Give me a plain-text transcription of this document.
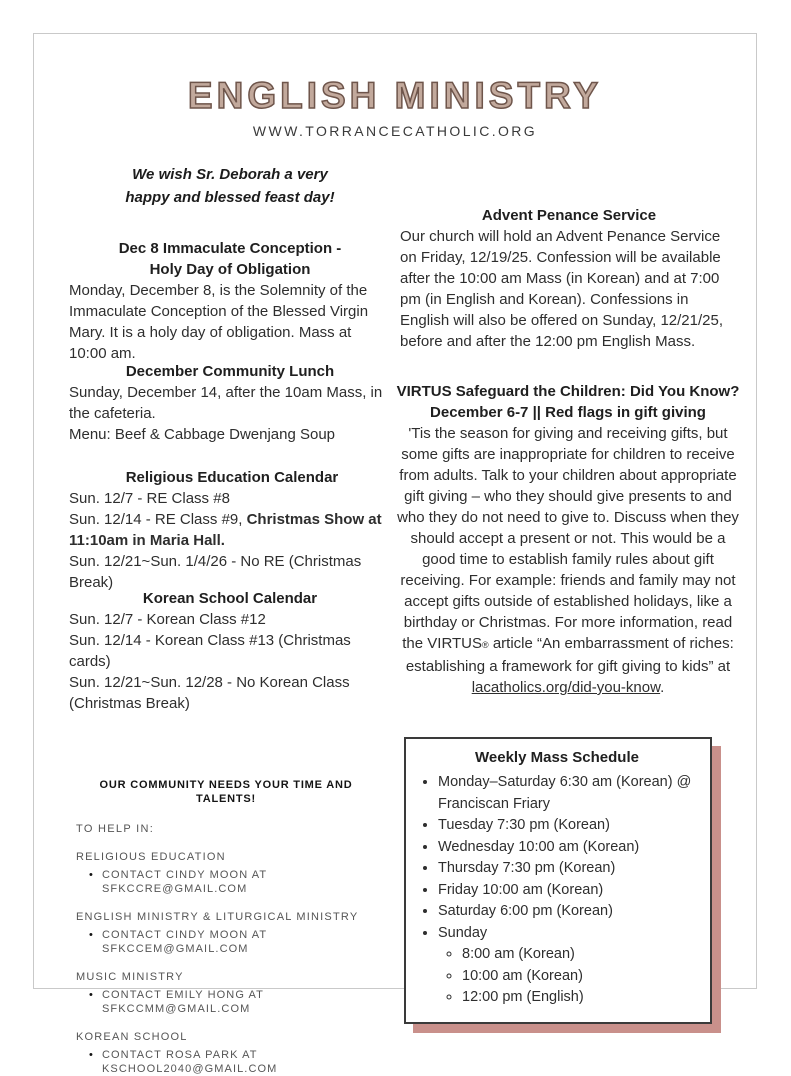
ENGLISH MINISTRY
WWW.TORRANCECATHOLIC.ORG
We wish Sr. Deborah a very
happy and blessed feast day!
Dec 8 Immaculate Conception -
Holy Day of Obligation

Monday, December 8, is the Solemnity of the Immaculate Conception of the Blessed Virgin Mary. It is a holy day of obligation. Mass at 10:00 am.

December Community Lunch

Sunday, December 14, after the 10am Mass, in the cafeteria.

Menu: Beef & Cabbage Dwenjang Soup

Religious Education Calendar

Sun. 12/7 - RE Class #8

Sun. 12/14 - RE Class #9, Christmas Show at 11:10am in Maria Hall.

Sun. 12/21~Sun. 1/4/26 - No RE (Christmas Break)

Korean School Calendar

Sun. 12/7 - Korean Class #12

Sun. 12/14 - Korean Class #13 (Christmas cards)

Sun. 12/21~Sun. 12/28 - No Korean Class (Christmas Break)

Advent Penance Service

Our church will hold an Advent Penance Service on Friday, 12/19/25. Confession will be available after the 10:00 am Mass (in Korean) and at 7:00 pm (in English and Korean). Confessions in English will also be offered on Sunday, 12/21/25, before and after the 12:00 pm English Mass.

VIRTUS Safeguard the Children: Did You Know?
December 6-7 || Red flags in gift giving

'Tis the season for giving and receiving gifts, but some gifts are inappropriate for children to receive from adults. Talk to your children about appropriate gift giving – who they should give presents to and who they do not need to give to. Discuss when they should accept a present or not. This would be a good time to establish family rules about gift receiving. For example: friends and family may not accept gifts outside of established holidays, like a birthday or Christmas. For more information, read the VIRTUS® article “An embarrassment of riches: establishing a framework for gift giving to kids” at lacatholics.org/did-you-know.

OUR COMMUNITY NEEDS YOUR TIME AND TALENTS!
TO HELP IN:
RELIGIOUS EDUCATION
• CONTACT CINDY MOON AT SFKCCRE@GMAIL.COM
ENGLISH MINISTRY & LITURGICAL MINISTRY
• CONTACT CINDY MOON AT SFKCCEM@GMAIL.COM
MUSIC MINISTRY
• CONTACT EMILY HONG AT SFKCCMM@GMAIL.COM
KOREAN SCHOOL
• CONTACT ROSA PARK AT KSCHOOL2040@GMAIL.COM
Weekly Mass Schedule
• Monday–Saturday 6:30 am (Korean) @ Franciscan Friary
• Tuesday 7:30 pm (Korean)
• Wednesday 10:00 am (Korean)
• Thursday 7:30 pm (Korean)
• Friday 10:00 am (Korean)
• Saturday 6:00 pm (Korean)
• Sunday
◦ 8:00 am (Korean)
◦ 10:00 am (Korean)
◦ 12:00 pm (English)
